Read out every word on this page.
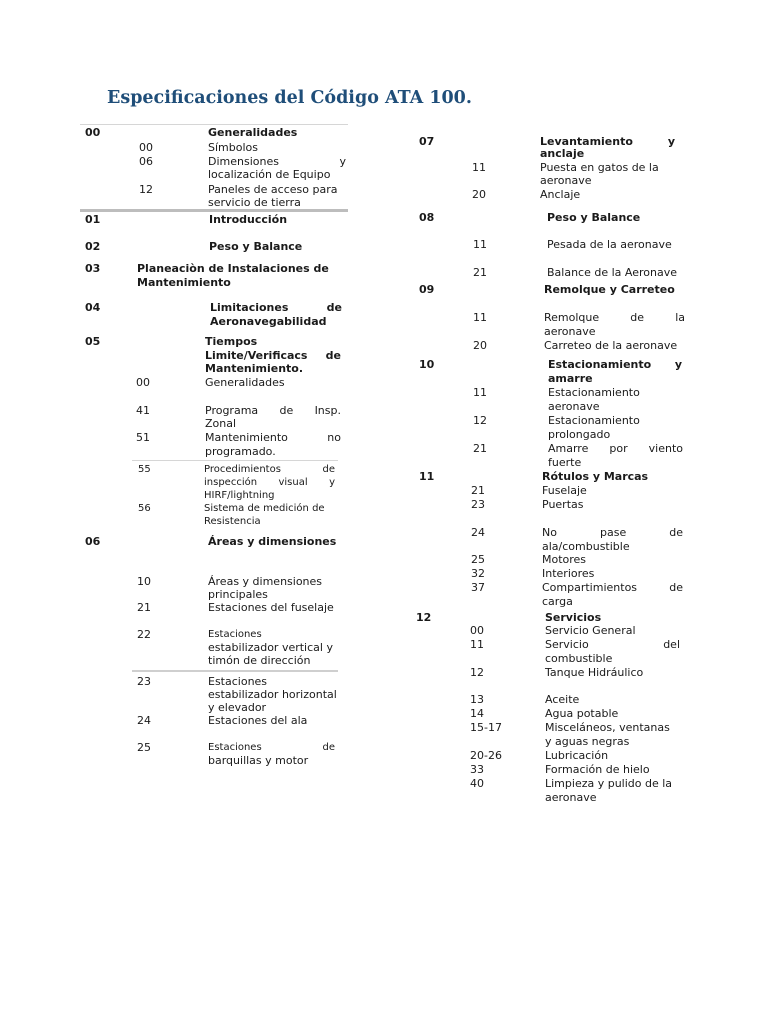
Especificaciones del Código ATA 100.
00	Generalidades
00	Símbolos
06	Dimensiones	y
localización de Equipo
12	Paneles de acceso para
servicio de tierra
01	Introducción
02	Peso y Balance
03	Planeaciòn de Instalaciones de
Mantenimiento
04	Limitaciones	de
Aeronavegabilidad
05	Tiempos
Limite/Verificacs de
Mantenimiento.
00	Generalidades
41	Programa de Insp.
Zonal
51	Mantenimiento	no
programado.
55	Procedimientos	de
inspección visual y
HIRF/lightning
56	Sistema de medición de
Resistencia
06	Áreas y dimensiones
10	Áreas y dimensiones
principales
21	Estaciones del fuselaje
22	Estaciones
estabilizador vertical y
timón de dirección
23	Estaciones
estabilizador horizontal
y elevador
24	Estaciones del ala
25	Estaciones	de
barquillas y motor
07	Levantamiento	y
anclaje
11	Puesta en gatos de la
aeronave
20	Anclaje
08	Peso y Balance
11	Pesada de la aeronave
21	Balance de la Aeronave
09	Remolque y Carreteo
11	Remolque	de	la
aeronave
20	Carreteo de la aeronave
10	Estacionamiento y
amarre
11	Estacionamiento
aeronave
12	Estacionamiento
prolongado
21	Amarre por viento
fuerte
11	Rótulos y Marcas
21	Fuselaje
23	Puertas
24	No	pase	de
ala/combustible
25	Motores
32	Interiores
37	Compartimientos	de
carga
12	Servicios
00	Servicio General
11	Servicio	del
combustible
12	Tanque Hidráulico
13	Aceite
14	Agua potable
15-17	Misceláneos, ventanas
y aguas negras
20-26	Lubricación
33	Formación de hielo
40	Limpieza y pulido de la
aeronave
